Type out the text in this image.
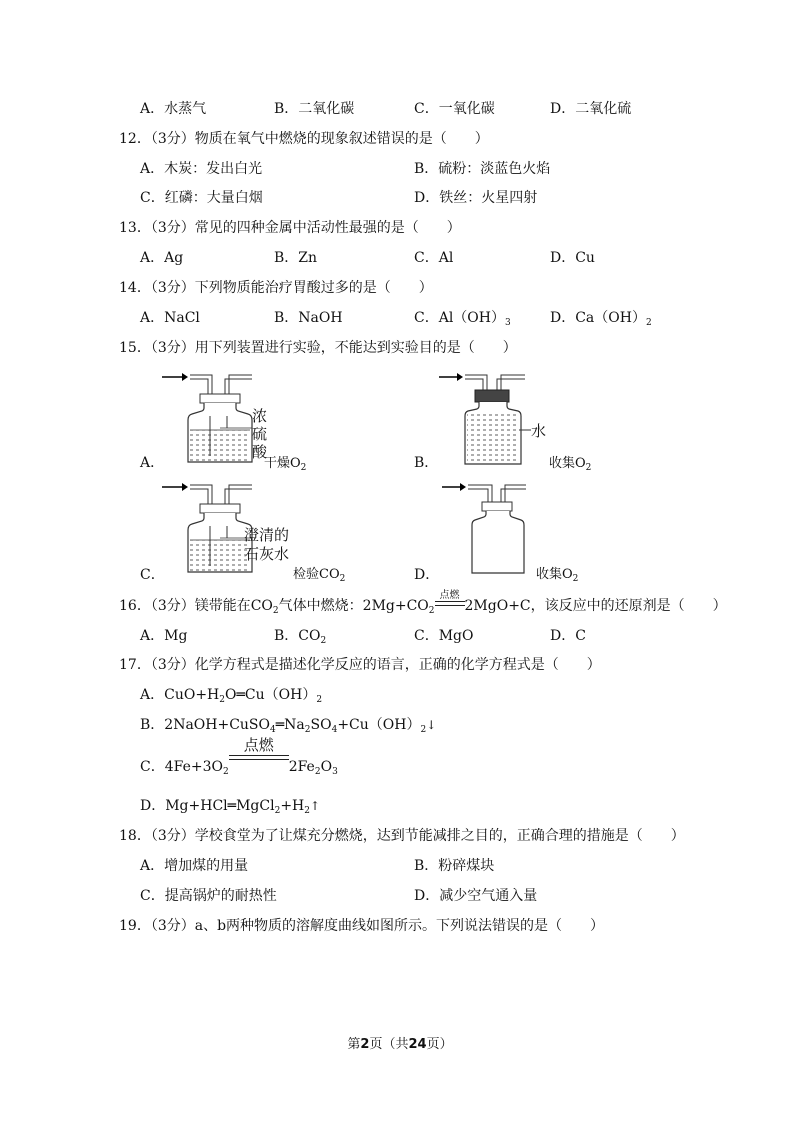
A．水蒸气	B．二氧化碳	C．一氧化碳	D．二氧化硫
12．（3分）物质在氧气中燃烧的现象叙述错误的是（　　）
A．木炭：发出白光	B．硫粉：淡蓝色火焰
C．红磷：大量白烟	D．铁丝：火星四射
13．（3分）常见的四种金属中活动性最强的是（　　）
A．Ag	B．Zn	C．Al	D．Cu
14．（3分）下列物质能治疗胃酸过多的是（　　）
A．NaCl	B．NaOH	C．$Al(OH)_3$	D．$Ca(OH)_2$
15．（3分）用下列装置进行实验，不能达到实验目的是（　　）
A．
浓
硫
酸
干燥$O_2$	B．
水
收集$O_2$
C．
澄清的
石灰水
检验$CO_2$	D．	收集$O_2$
16．（3分）镁带能在$CO_2$气体中燃烧：$2Mg+CO_2$
点燃
2MgO+C，该反应中的还原剂是（　　）
A．Mg	B．$CO_2$	C．MgO	D．C
17．（3分）化学方程式是描述化学反应的语言，正确的化学方程式是（　　）
A．$CuO+H_2O═Cu(OH)_2$
B．$2NaOH+CuSO_4═Na_2SO_4+Cu(OH)_2↓$
C．$4Fe+3O_2$
点燃
$2Fe_2O_3$
D．$Mg+HCl═MgCl_2+H_2↑$
18．（3分）学校食堂为了让煤充分燃烧，达到节能减排之目的，正确合理的措施是（　　）
A．增加煤的用量	B．粉碎煤块
C．提高锅炉的耐热性	D．减少空气通入量
19．（3分）a、b两种物质的溶解度曲线如图所示。下列说法错误的是（　　）
第2页（共24页）
